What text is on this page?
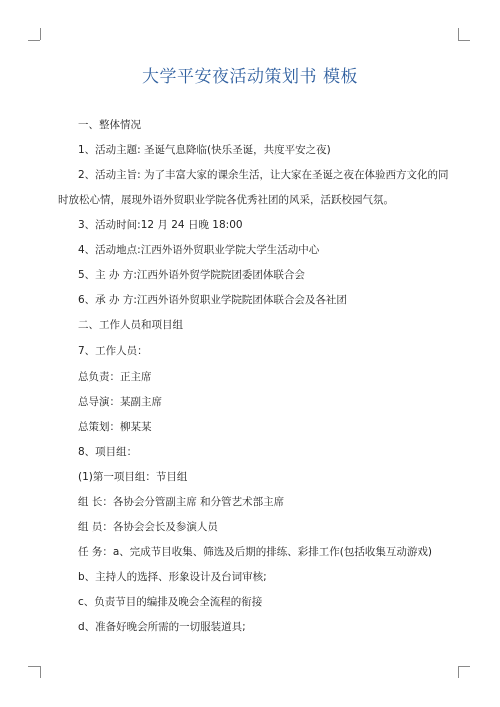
大学平安夜活动策划书 模板
一、整体情况
1、活动主题: 圣诞气息降临(快乐圣诞，共度平安之夜)
2、活动主旨: 为了丰富大家的课余生活，让大家在圣诞之夜在体验西方文化的同
时放松心情，展现外语外贸职业学院各优秀社团的风采，活跃校园气氛。
3、活动时间:12 月 24 日晚 18:00
4、活动地点:江西外语外贸职业学院大学生活动中心
5、主 办 方:江西外语外贸学院院团委团体联合会
6、承 办 方:江西外语外贸职业学院院团体联合会及各社团
二、工作人员和项目组
7、工作人员：
总负责：正主席
总导演：某副主席
总策划：柳某某
8、项目组：
(1)第一项目组：节目组
组 长：各协会分管副主席 和分管艺术部主席
组 员：各协会会长及参演人员
任 务：a、完成节目收集、筛选及后期的排练、彩排工作(包括收集互动游戏)
b、主持人的选择、形象设计及台词审核;
c、负责节目的编排及晚会全流程的衔接
d、准备好晚会所需的一切服装道具;
